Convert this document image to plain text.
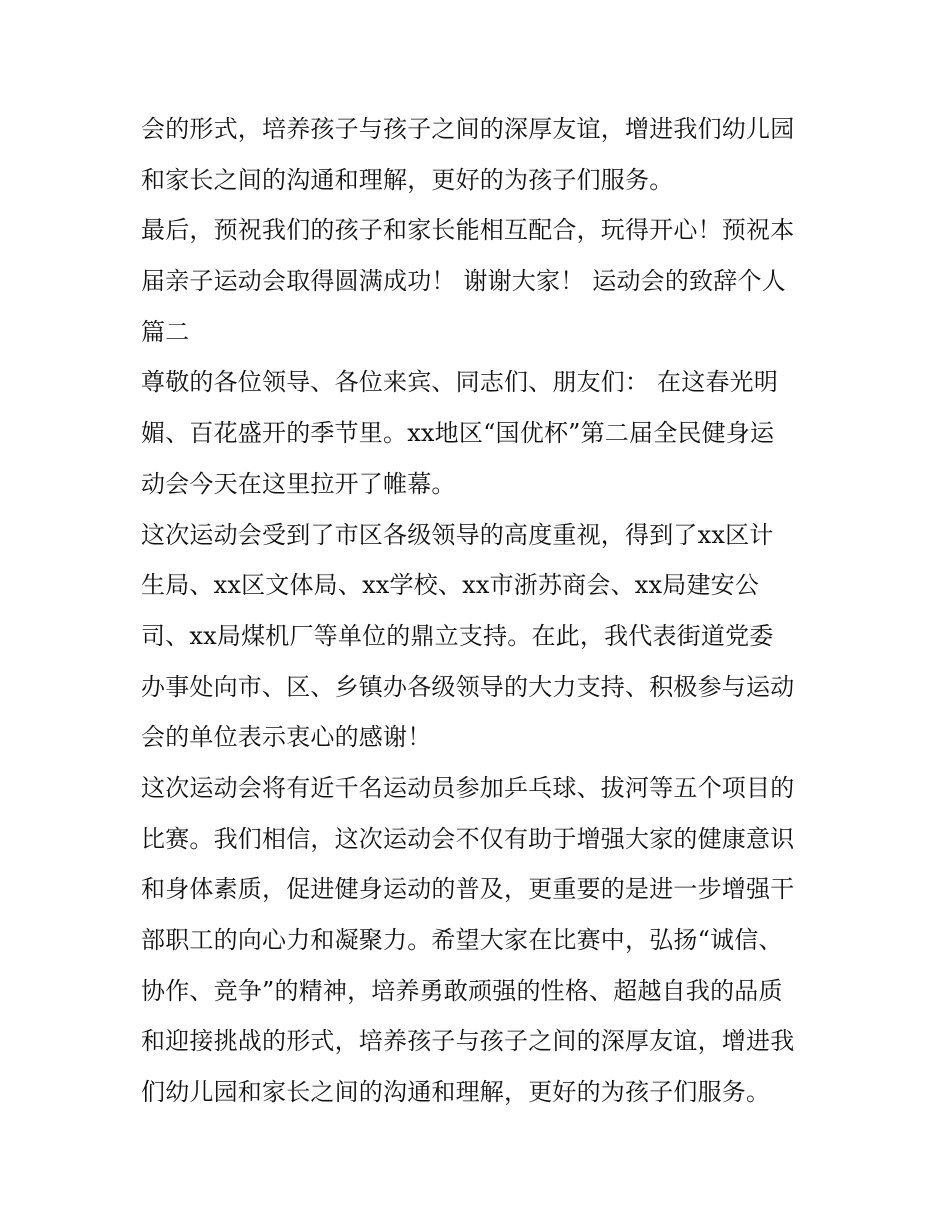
会的形式，培养孩子与孩子之间的深厚友谊，增进我们幼儿园
和家长之间的沟通和理解，更好的为孩子们服务。
最后，预祝我们的孩子和家长能相互配合，玩得开心！预祝本
届亲子运动会取得圆满成功！ 谢谢大家！ 运动会的致辞个人
篇二
尊敬的各位领导、各位来宾、同志们、朋友们： 在这春光明
媚、百花盛开的季节里。xx地区“国优杯”第二届全民健身运
动会今天在这里拉开了帷幕。
这次运动会受到了市区各级领导的高度重视，得到了xx区计
生局、xx区文体局、xx学校、xx市浙苏商会、xx局建安公
司、xx局煤机厂等单位的鼎立支持。在此，我代表街道党委
办事处向市、区、乡镇办各级领导的大力支持、积极参与运动
会的单位表示衷心的感谢！
这次运动会将有近千名运动员参加乒乓球、拔河等五个项目的
比赛。我们相信，这次运动会不仅有助于增强大家的健康意识
和身体素质，促进健身运动的普及，更重要的是进一步增强干
部职工的向心力和凝聚力。希望大家在比赛中，弘扬“诚信、
协作、竞争”的精神，培养勇敢顽强的性格、超越自我的品质
和迎接挑战的形式，培养孩子与孩子之间的深厚友谊，增进我
们幼儿园和家长之间的沟通和理解，更好的为孩子们服务。
